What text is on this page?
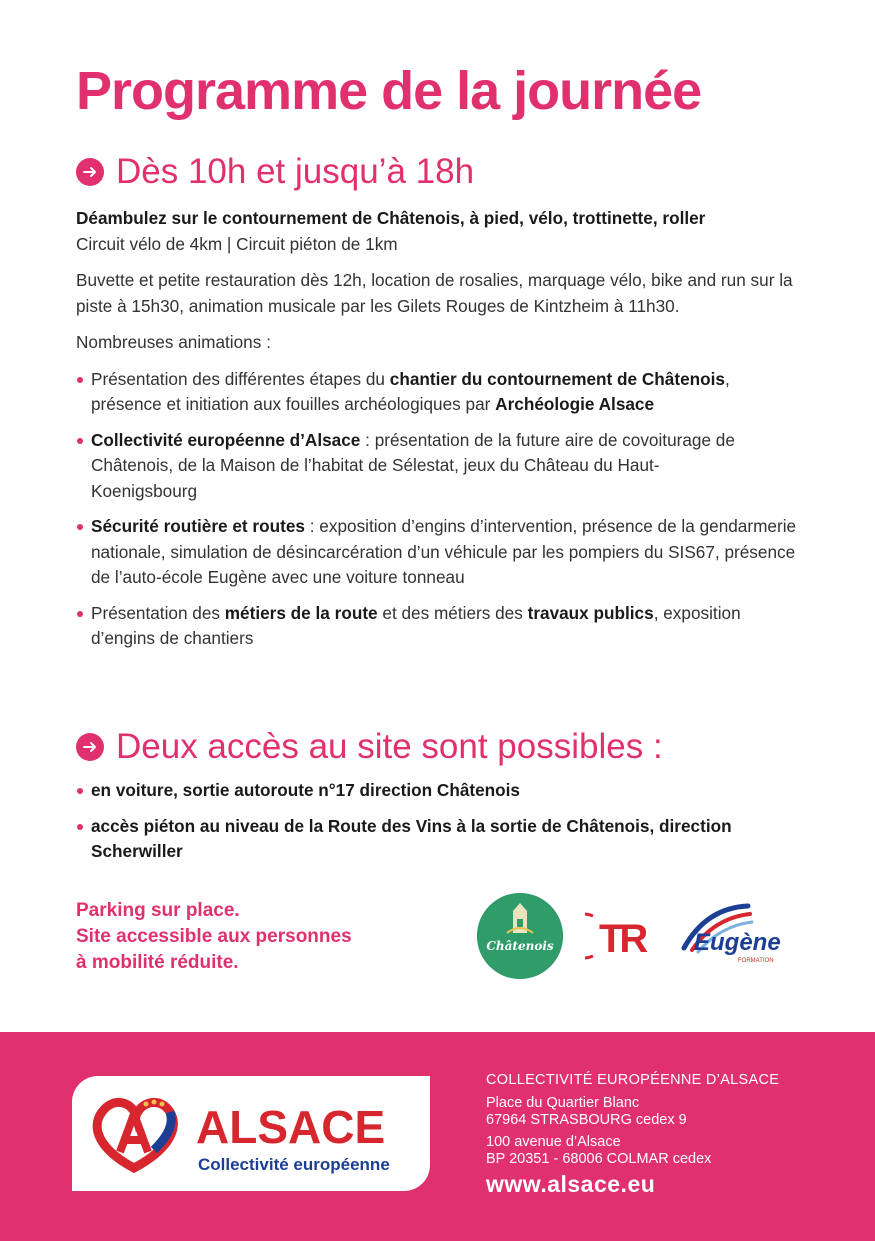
Programme de la journée
Dès 10h et jusqu’à 18h

Déambulez sur le contournement de Châtenois, à pied, vélo, trottinette, roller

Circuit vélo de 4km | Circuit piéton de 1km

Buvette et petite restauration dès 12h, location de rosalies, marquage vélo, bike and run sur la piste à 15h30, animation musicale par les Gilets Rouges de Kintzheim à 11h30.

Nombreuses animations :

Présentation des différentes étapes du chantier du contournement de Châtenois, présence et initiation aux fouilles archéologiques par Archéologie Alsace
Collectivité européenne d’Alsace : présentation de la future aire de covoiturage de Châtenois, de la Maison de l’habitat de Sélestat, jeux du Château du Haut-Koenigsbourg
Sécurité routière et routes : exposition d’engins d’intervention, présence de la gendarmerie nationale, simulation de désincarcération d’un véhicule par les pompiers du SIS67, présence de l’auto-école Eugène avec une voiture tonneau
Présentation des métiers de la route et des métiers des travaux publics, exposition d’engins de chantiers
Deux accès au site sont possibles :
en voiture, sortie autoroute n°17 direction Châtenois
accès piéton au niveau de la Route des Vins à la sortie de Châtenois, direction Scherwiller
Parking sur place.
Site accessible aux personnes
à mobilité réduite.
Châtenois TR Eugène
FORMATION
ALSACE
Collectivité européenne
COLLECTIVITÉ EUROPÉENNE D’ALSACE
Place du Quartier Blanc
67964 STRASBOURG cedex 9
100 avenue d’Alsace
BP 20351 - 68006 COLMAR cedex
www.alsace.eu
